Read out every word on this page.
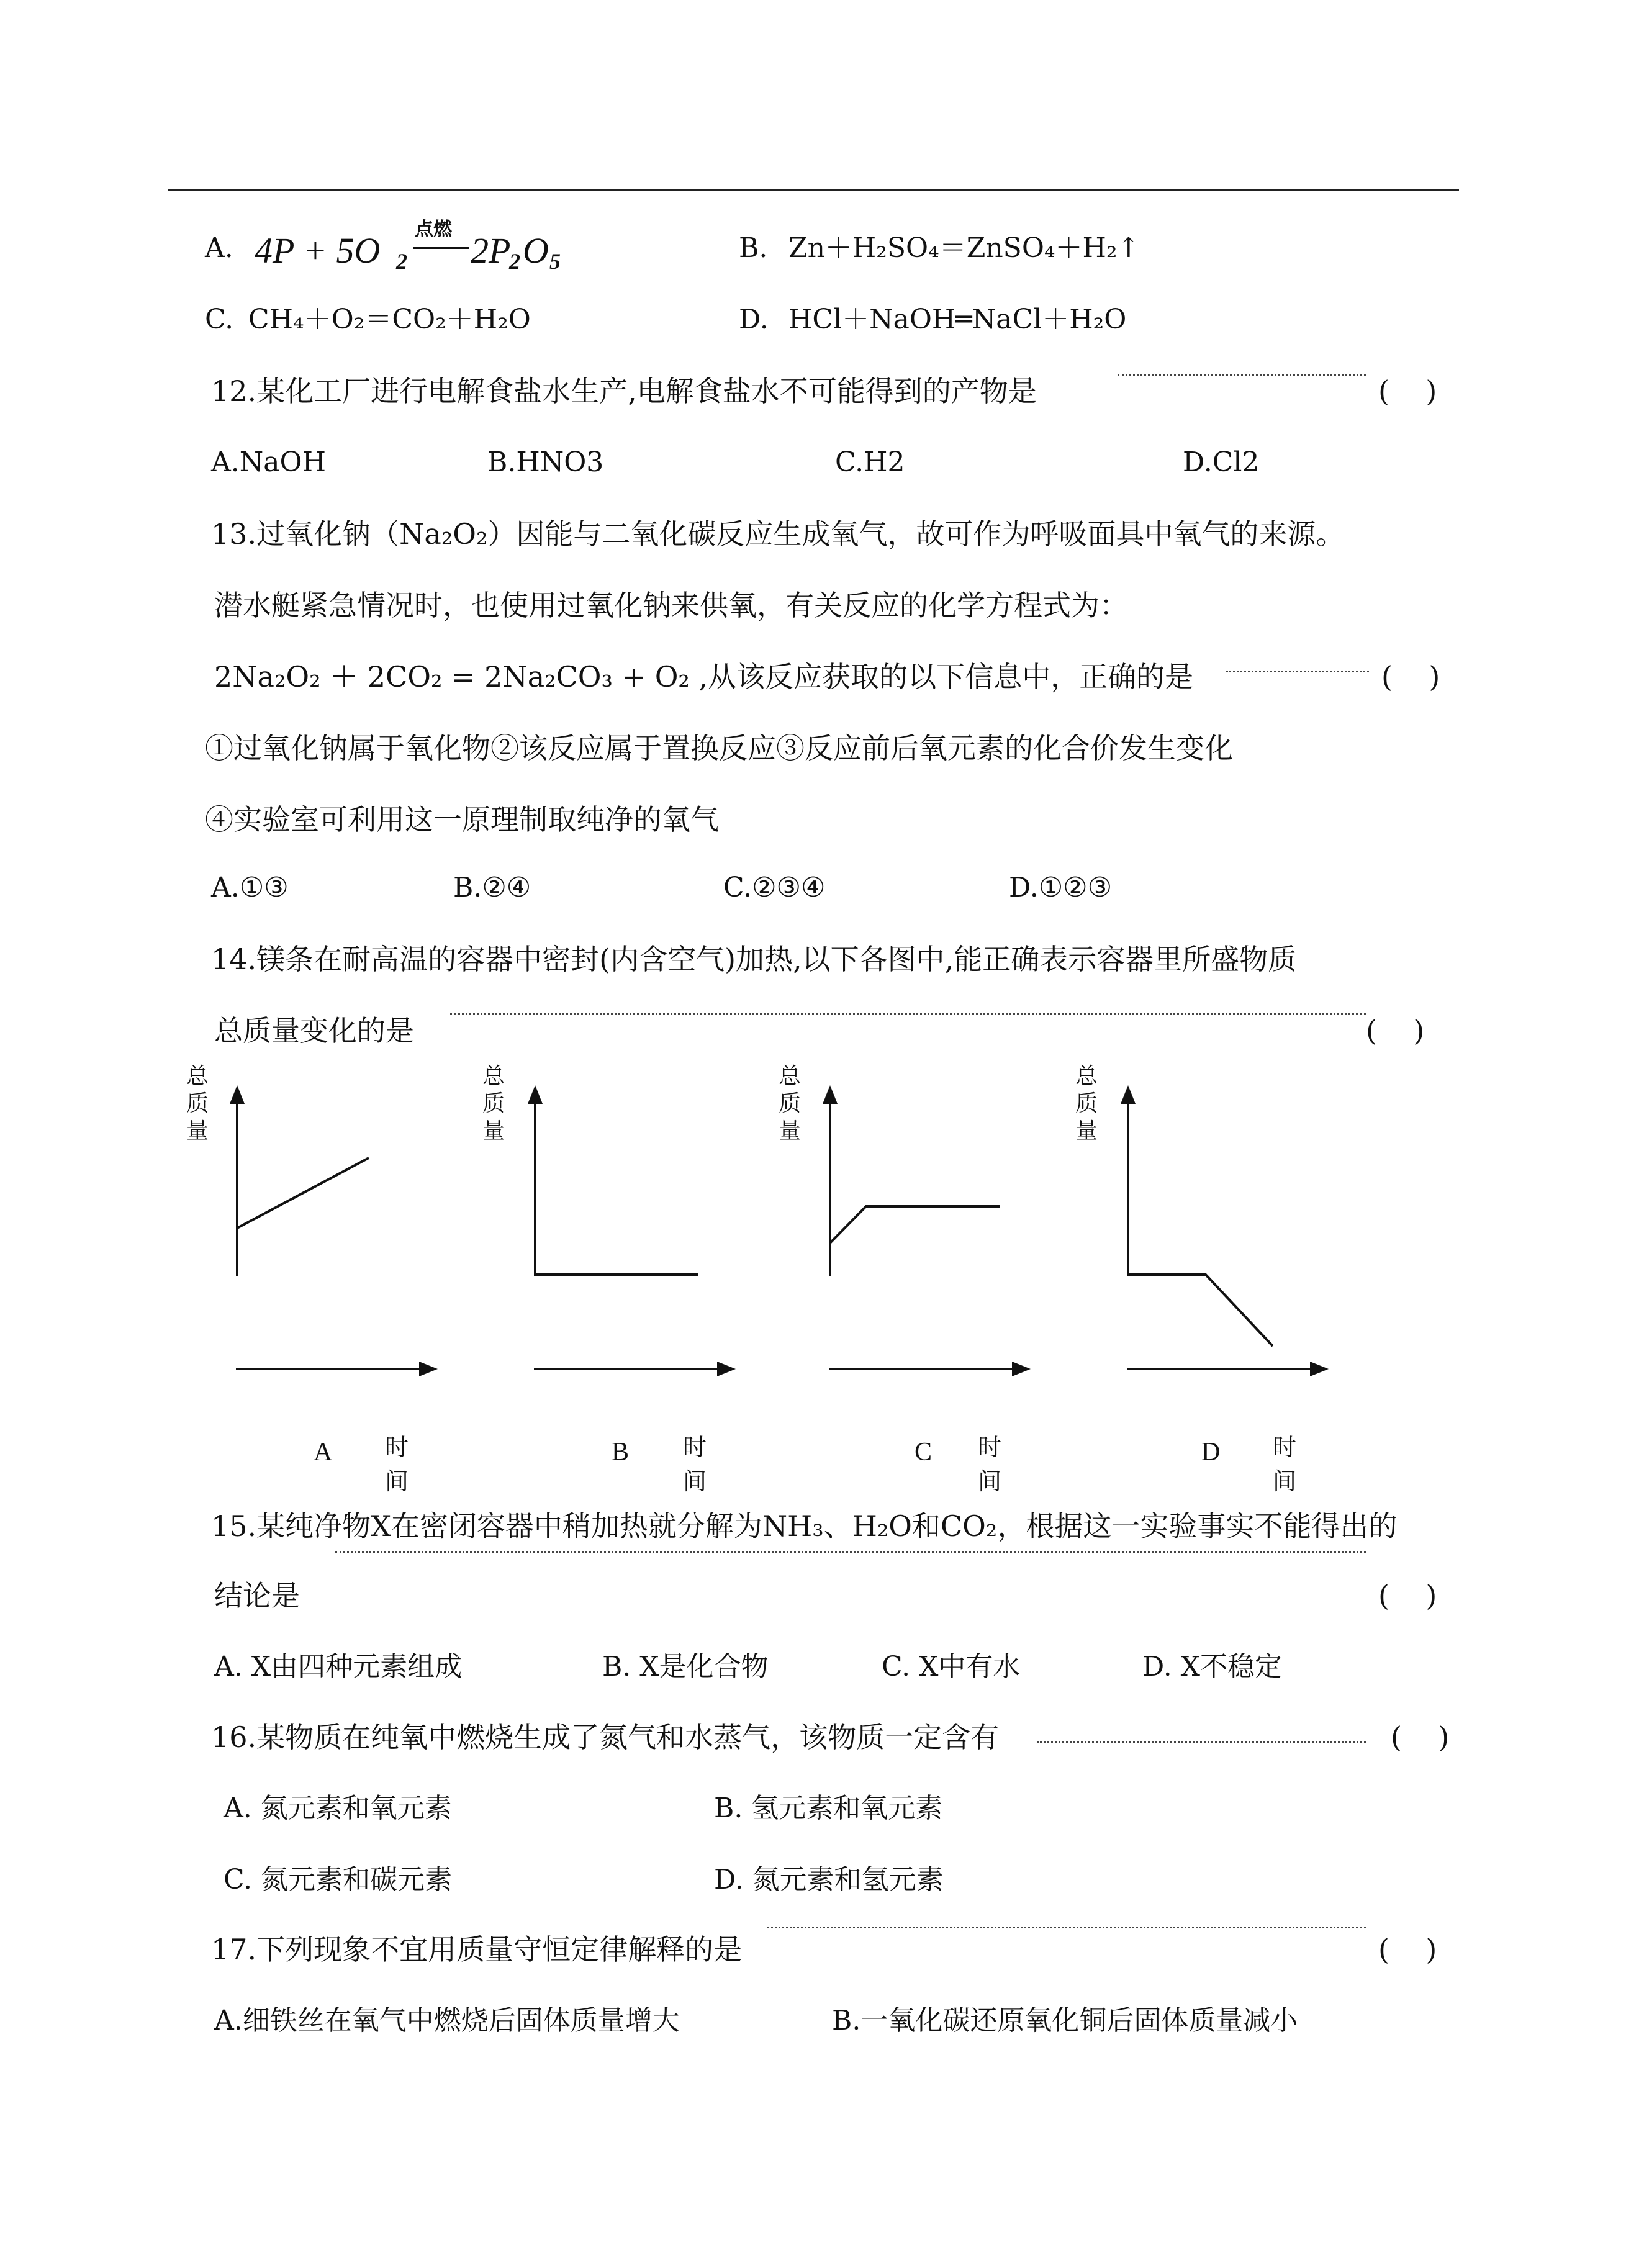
A. 4P + 5O 2
点燃
2P
2 O 5	B. Zn＋H₂SO₄＝ZnSO₄＋H₂↑
C. CH₄＋O₂＝CO₂＋H₂O	D. HCl＋NaOH═NaCl＋H₂O
12.某化工厂进行电解食盐水生产,电解食盐水不可能得到的产物是	(    )
A.NaOH	B.HNO3	C.H2	D.Cl2
13.过氧化钠（Na₂O₂）因能与二氧化碳反应生成氧气，故可作为呼吸面具中氧气的来源。
潜水艇紧急情况时，也使用过氧化钠来供氧，有关反应的化学方程式为：
2Na₂O₂ ＋ 2CO₂ = 2Na₂CO₃ + O₂ ,从该反应获取的以下信息中，正确的是	(    )
①过氧化钠属于氧化物②该反应属于置换反应③反应前后氧元素的化合价发生变化
④实验室可利用这一原理制取纯净的氧气
A.①③	B.②④	C.②③④	D.①②③
14.镁条在耐高温的容器中密封(内含空气)加热,以下各图中,能正确表示容器里所盛物质
总质量变化的是	(    )
总质量
时间
A
总质量
时间
B
总质量
时间
C
总质量
时间
D
15.某纯净物X在密闭容器中稍加热就分解为NH₃、H₂O和CO₂，根据这一实验事实不能得出的
结论是	(    )
A. X由四种元素组成	B. X是化合物	C. X中有水	D. X不稳定
16.某物质在纯氧中燃烧生成了氮气和水蒸气，该物质一定含有	(    )
A. 氮元素和氧元素	B. 氢元素和氧元素
C. 氮元素和碳元素	D. 氮元素和氢元素
17.下列现象不宜用质量守恒定律解释的是	(    )
A.细铁丝在氧气中燃烧后固体质量增大	B.一氧化碳还原氧化铜后固体质量减小
